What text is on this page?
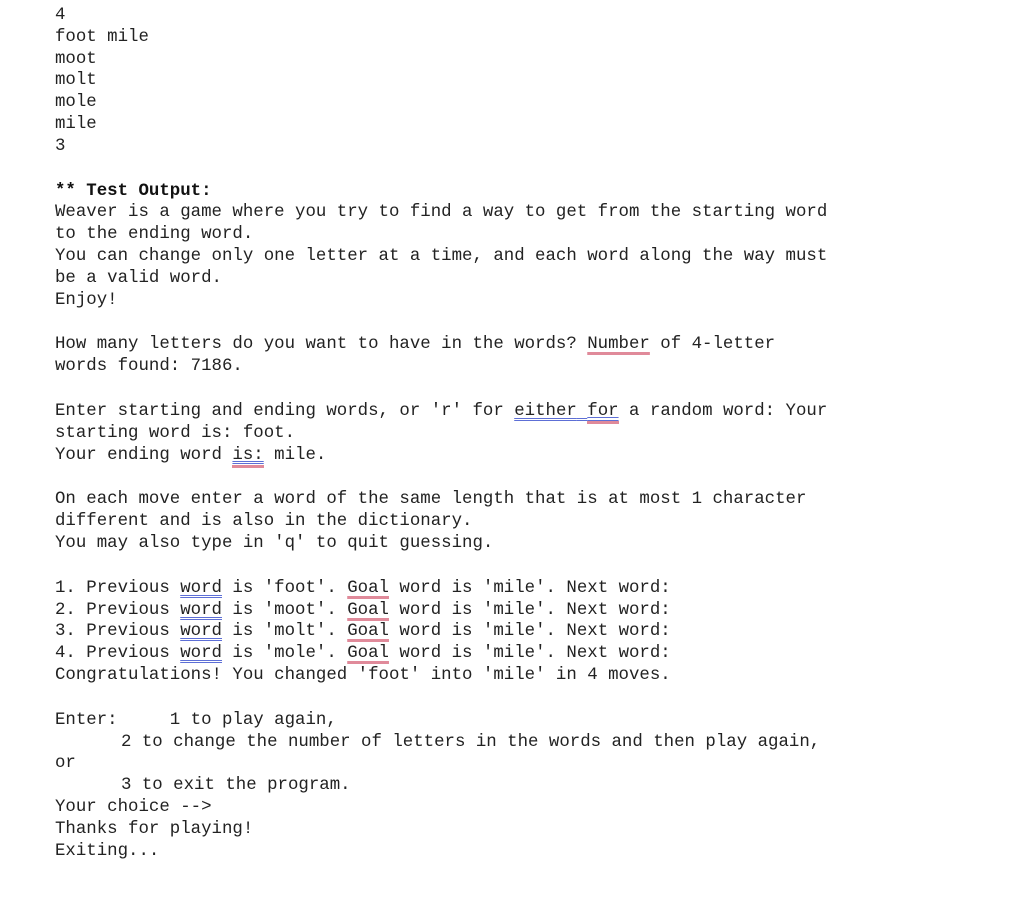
4
foot mile
moot
molt
mole
mile
3
** Test Output:
Weaver is a game where you try to find a way to get from the starting word
to the ending word.
You can change only one letter at a time, and each word along the way must
be a valid word.
Enjoy!
How many letters do you want to have in the words? Number of 4-letter
words found: 7186.
Enter starting and ending words, or 'r' for either for a random word: Your
starting word is: foot.
Your ending word is: mile.
On each move enter a word of the same length that is at most 1 character
different and is also in the dictionary.
You may also type in 'q' to quit guessing.
1. Previous word is 'foot'. Goal word is 'mile'. Next word:
2. Previous word is 'moot'. Goal word is 'mile'. Next word:
3. Previous word is 'molt'. Goal word is 'mile'. Next word:
4. Previous word is 'mole'. Goal word is 'mile'. Next word:
Congratulations! You changed 'foot' into 'mile' in 4 moves.
Enter:     1 to play again,
2 to change the number of letters in the words and then play again,
or
3 to exit the program.
Your choice -->
Thanks for playing!
Exiting...
